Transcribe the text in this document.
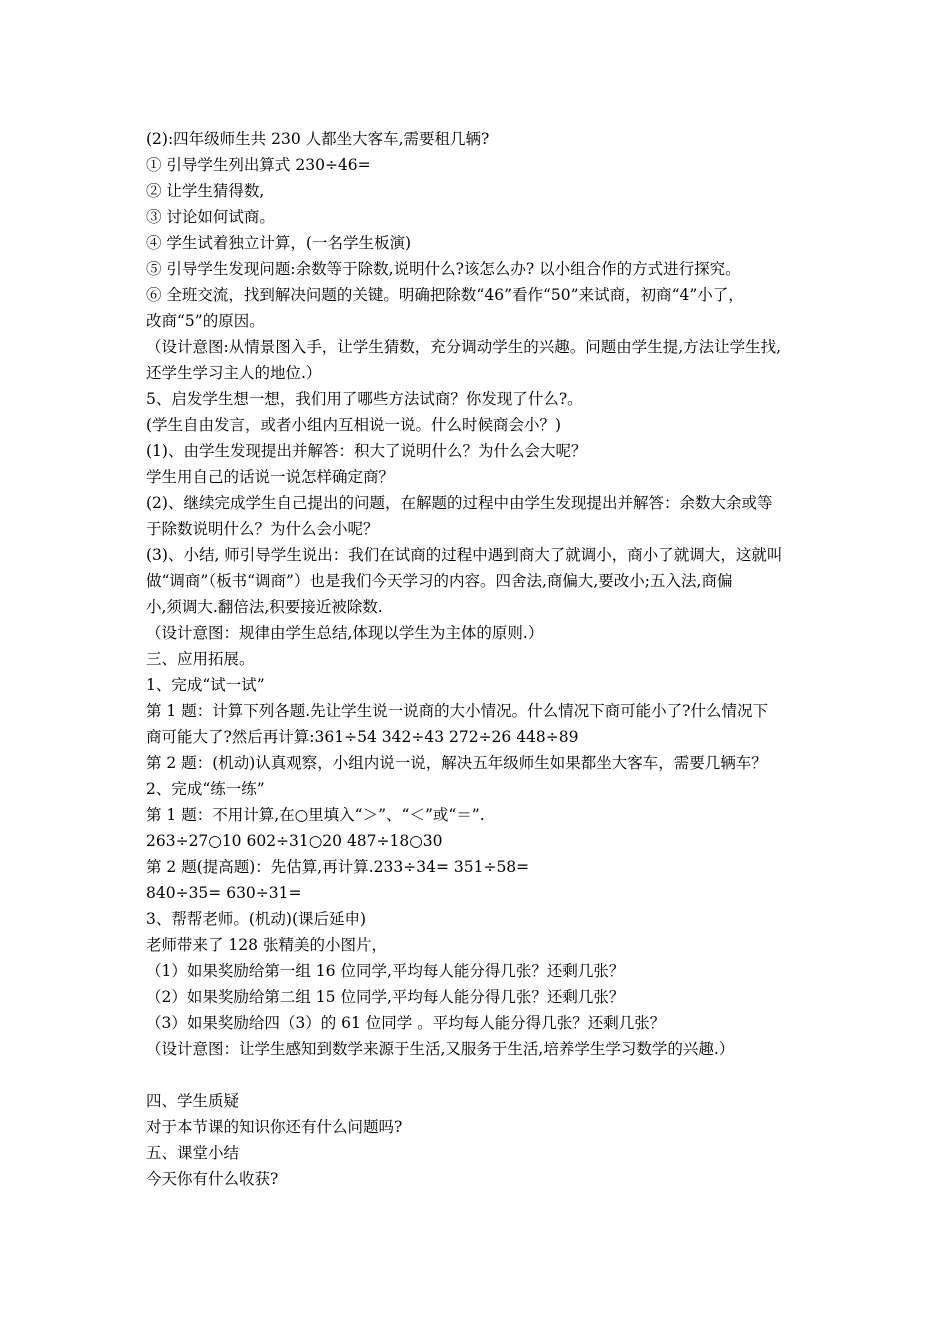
(2):四年级师生共 230 人都坐大客车,需要租几辆?
① 引导学生列出算式 230÷46=
② 让学生猜得数,
③ 讨论如何试商。
④ 学生试着独立计算，(一名学生板演)
⑤ 引导学生发现问题:余数等于除数,说明什么?该怎么办? 以小组合作的方式进行探究。
⑥ 全班交流，找到解决问题的关键。明确把除数“46”看作“50”来试商，初商“4”小了，
改商“5”的原因。
（设计意图:从情景图入手，让学生猜数，充分调动学生的兴趣。问题由学生提,方法让学生找,
还学生学习主人的地位.）
5、启发学生想一想，我们用了哪些方法试商？你发现了什么?。
(学生自由发言，或者小组内互相说一说。什么时候商会小？)
(1)、由学生发现提出并解答：积大了说明什么？为什么会大呢？
学生用自己的话说一说怎样确定商？
(2)、继续完成学生自己提出的问题，在解题的过程中由学生发现提出并解答：余数大余或等
于除数说明什么？为什么会小呢？
(3)、小结, 师引导学生说出：我们在试商的过程中遇到商大了就调小，商小了就调大，这就叫
做“调商”（板书“调商”）也是我们今天学习的内容。四舍法,商偏大,要改小;五入法,商偏
小,须调大.翻倍法,积要接近被除数.
（设计意图：规律由学生总结,体现以学生为主体的原则.）
三、应用拓展。
1、完成“试一试”
第 1 题：计算下列各题.先让学生说一说商的大小情况。什么情况下商可能小了?什么情况下
商可能大了?然后再计算:361÷54 342÷43 272÷26 448÷89
第 2 题：(机动)认真观察，小组内说一说，解决五年级师生如果都坐大客车，需要几辆车？
2、完成“练一练”
第 1 题：不用计算,在○里填入“＞”、“＜”或“＝”.
263÷27○10 602÷31○20 487÷18○30
第 2 题(提高题)：先估算,再计算.233÷34= 351÷58=
840÷35= 630÷31=
3、帮帮老师。(机动)(课后延申)
老师带来了 128 张精美的小图片，
（1）如果奖励给第一组 16 位同学,平均每人能分得几张？还剩几张？
（2）如果奖励给第二组 15 位同学,平均每人能分得几张？还剩几张？
（3）如果奖励给四（3）的 61 位同学 。平均每人能分得几张？还剩几张？
（设计意图：让学生感知到数学来源于生活,又服务于生活,培养学生学习数学的兴趣.）
四、学生质疑
对于本节课的知识你还有什么问题吗?
五、课堂小结
今天你有什么收获?
